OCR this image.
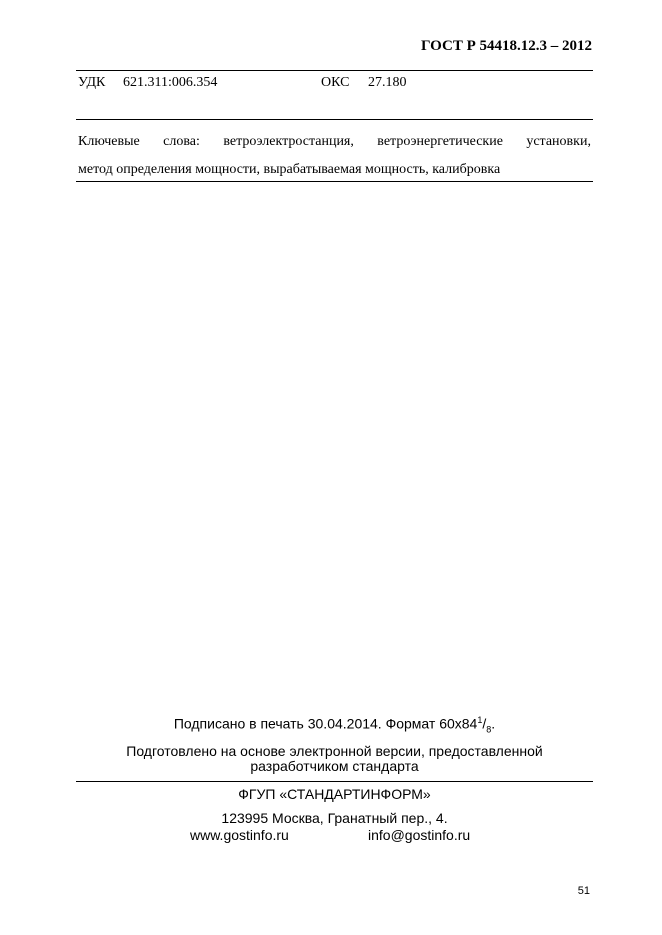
ГОСТ Р 54418.12.3 – 2012
УДК 621.311:006.354	ОКС 27.180
Ключевые слова: ветроэлектростанция, ветроэнергетические установки,
метод определения мощности, вырабатываемая мощность, калибровка
Подписано в печать 30.04.2014. Формат $60x84^1/_8$.
Подготовлено на основе электронной версии, предоставленной
разработчиком стандарта
ФГУП «СТАНДАРТИНФОРМ»
123995 Москва, Гранатный пер., 4.
www.gostinfo.ru	info@gostinfo.ru
51
